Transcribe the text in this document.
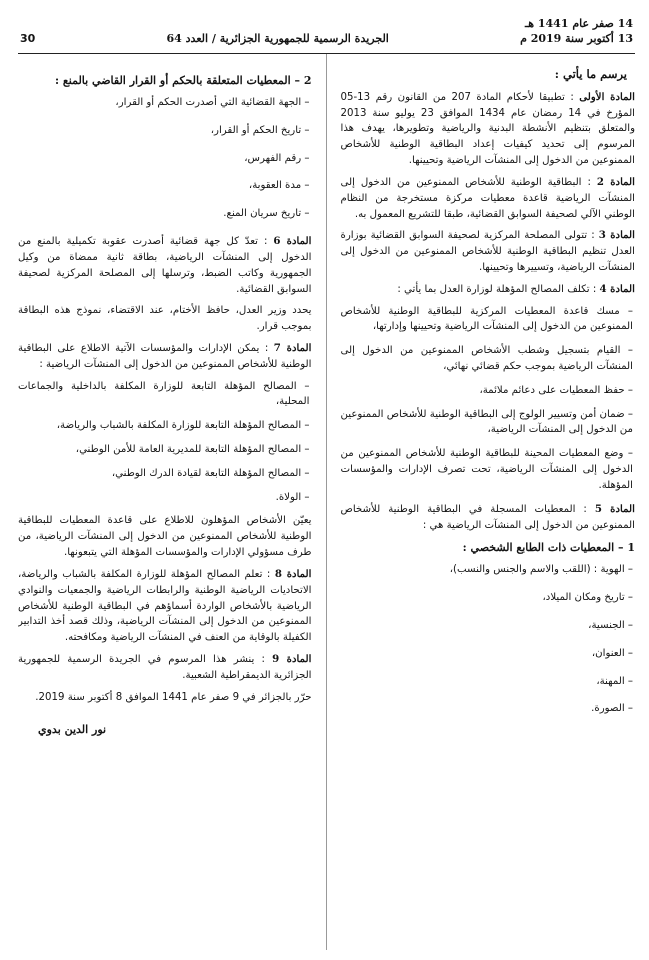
14 صفر عام 1441 هـ
13 أكتوبر سنة 2019 م
الجريدة الرسمية للجمهورية الجزائرية / العدد 64
30
يرسم ما يأتي :

المادة الأولى : تطبيقا لأحكام المادة 207 من القانون رقم 13-05 المؤرخ في 14 رمضان عام 1434 الموافق 23 يوليو سنة 2013 والمتعلق بتنظيم الأنشطة البدنية والرياضية وتطويرها، يهدف هذا المرسوم إلى تحديد كيفيات إعداد البطاقية الوطنية للأشخاص الممنوعين من الدخول إلى المنشآت الرياضية وتحيينها.

المادة 2 : البطاقية الوطنية للأشخاص الممنوعين من الدخول إلى المنشآت الرياضية قاعدة معطيات مركزة مستخرجة من النظام الوطني الآلي لصحيفة السوابق القضائية، طبقا للتشريع المعمول به.

المادة 3 : تتولى المصلحة المركزية لصحيفة السوابق القضائية بوزارة العدل تنظيم البطاقية الوطنية للأشخاص الممنوعين من الدخول إلى المنشآت الرياضية، وتسييرها وتحيينها.

المادة 4 : تكلف المصالح المؤهلة لوزارة العدل بما يأتي :

– مسك قاعدة المعطيات المركزية للبطاقية الوطنية للأشخاص الممنوعين من الدخول إلى المنشآت الرياضية وتحيينها وإدارتها،

– القيام بتسجيل وشطب الأشخاص الممنوعين من الدخول إلى المنشآت الرياضية بموجب حكم قضائي نهائي،

– حفظ المعطيات على دعائم ملائمة،

– ضمان أمن وتسيير الولوج إلى البطاقية الوطنية للأشخاص الممنوعين من الدخول إلى المنشآت الرياضية،

– وضع المعطيات المحينة للبطاقية الوطنية للأشخاص الممنوعين من الدخول إلى المنشآت الرياضية، تحت تصرف الإدارات والمؤسسات المؤهلة.

المادة 5 : المعطيات المسجلة في البطاقية الوطنية للأشخاص الممنوعين من الدخول إلى المنشآت الرياضية هي :

1 – المعطيات ذات الطابع الشخصي :

– الهوية : (اللقب والاسم والجنس والنسب)،

– تاريخ ومكان الميلاد،

– الجنسية،

– العنوان،

– المهنة،

– الصورة.

2 – المعطيات المتعلقة بالحكم أو القرار القاضي بالمنع :

– الجهة القضائية التي أصدرت الحكم أو القرار،

– تاريخ الحكم أو القرار،

– رقم الفهرس،

– مدة العقوبة،

– تاريخ سريان المنع.

المادة 6 : تعدّ كل جهة قضائية أصدرت عقوبة تكميلية بالمنع من الدخول إلى المنشآت الرياضية، بطاقة ثانية ممضاة من وكيل الجمهورية وكاتب الضبط، وترسلها إلى المصلحة المركزية لصحيفة السوابق القضائية.

يحدد وزير العدل، حافظ الأختام، عند الاقتضاء، نموذج هذه البطاقة بموجب قرار.

المادة 7 : يمكن الإدارات والمؤسسات الآتية الاطلاع على البطاقية الوطنية للأشخاص الممنوعين من الدخول إلى المنشآت الرياضية :

– المصالح المؤهلة التابعة للوزارة المكلفة بالداخلية والجماعات المحلية،

– المصالح المؤهلة التابعة للوزارة المكلفة بالشباب والرياضة،

– المصالح المؤهلة التابعة للمديرية العامة للأمن الوطني،

– المصالح المؤهلة التابعة لقيادة الدرك الوطني،

– الولاة.

يعيّن الأشخاص المؤهلون للاطلاع على قاعدة المعطيات للبطاقية الوطنية للأشخاص الممنوعين من الدخول إلى المنشآت الرياضية، من طرف مسؤولي الإدارات والمؤسسات المؤهلة التي يتبعونها.

المادة 8 : تعلم المصالح المؤهلة للوزارة المكلفة بالشباب والرياضة، الاتحاديات الرياضية الوطنية والرابطات الرياضية والجمعيات والنوادي الرياضية بالأشخاص الواردة أسماؤهم في البطاقية الوطنية للأشخاص الممنوعين من الدخول إلى المنشآت الرياضية، وذلك قصد أخذ التدابير الكفيلة بالوقاية من العنف في المنشآت الرياضية ومكافحته.

المادة 9 : ينشر هذا المرسوم في الجريدة الرسمية للجمهورية الجزائرية الديمقراطية الشعبية.

حرّر بالجزائر في 9 صفر عام 1441 الموافق 8 أكتوبر سنة 2019.

نور الدين بدوي
